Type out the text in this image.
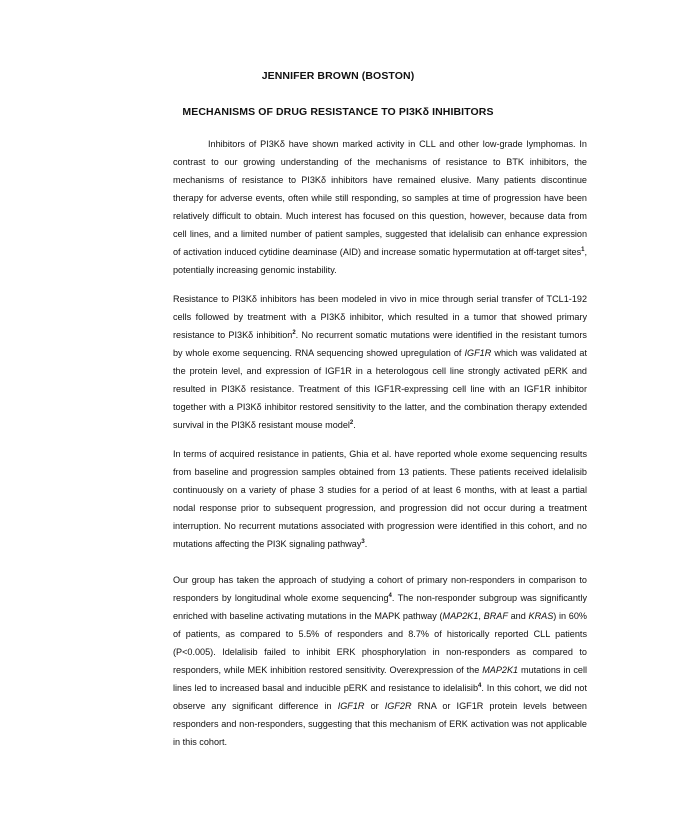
JENNIFER BROWN (BOSTON)
MECHANISMS OF DRUG RESISTANCE TO PI3Kδ INHIBITORS

Inhibitors of PI3Kδ have shown marked activity in CLL and other low-grade lymphomas. In contrast to our growing understanding of the mechanisms of resistance to BTK inhibitors, the mechanisms of resistance to PI3Kδ inhibitors have remained elusive. Many patients discontinue therapy for adverse events, often while still responding, so samples at time of progression have been relatively difficult to obtain. Much interest has focused on this question, however, because data from cell lines, and a limited number of patient samples, suggested that idelalisib can enhance expression of activation induced cytidine deaminase (AID) and increase somatic hypermutation at off-target sites$^1$, potentially increasing genomic instability.

Resistance to PI3Kδ inhibitors has been modeled in vivo in mice through serial transfer of TCL1-192 cells followed by treatment with a PI3Kδ inhibitor, which resulted in a tumor that showed primary resistance to PI3Kδ inhibition$^2$. No recurrent somatic mutations were identified in the resistant tumors by whole exome sequencing. RNA sequencing showed upregulation of IGF1R which was validated at the protein level, and expression of IGF1R in a heterologous cell line strongly activated pERK and resulted in PI3Kδ resistance. Treatment of this IGF1R-expressing cell line with an IGF1R inhibitor together with a PI3Kδ inhibitor restored sensitivity to the latter, and the combination therapy extended survival in the PI3Kδ resistant mouse model$^2$.

In terms of acquired resistance in patients, Ghia et al. have reported whole exome sequencing results from baseline and progression samples obtained from 13 patients. These patients received idelalisib continuously on a variety of phase 3 studies for a period of at least 6 months, with at least a partial nodal response prior to subsequent progression, and progression did not occur during a treatment interruption. No recurrent mutations associated with progression were identified in this cohort, and no mutations affecting the PI3K signaling pathway$^3$.

Our group has taken the approach of studying a cohort of primary non-responders in comparison to responders by longitudinal whole exome sequencing$^4$. The non-responder subgroup was significantly enriched with baseline activating mutations in the MAPK pathway (MAP2K1, BRAF and KRAS) in 60% of patients, as compared to 5.5% of responders and 8.7% of historically reported CLL patients (P<0.005). Idelalisib failed to inhibit ERK phosphorylation in non-responders as compared to responders, while MEK inhibition restored sensitivity. Overexpression of the MAP2K1 mutations in cell lines led to increased basal and inducible pERK and resistance to idelalisib$^4$. In this cohort, we did not observe any significant difference in IGF1R or IGF2R RNA or IGF1R protein levels between responders and non-responders, suggesting that this mechanism of ERK activation was not applicable in this cohort.
